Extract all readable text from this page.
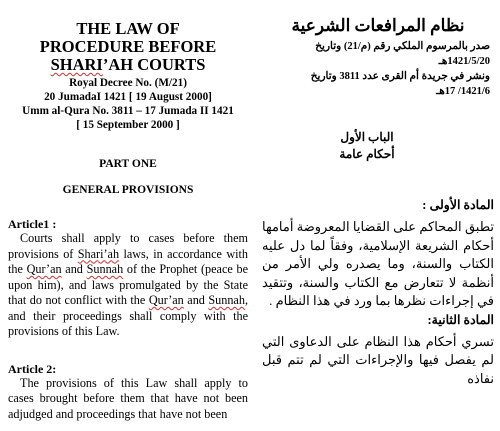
THE LAW OF
PROCEDURE BEFORE
SHARI’AH COURTS
Royal Decree No. (M/21)
20 JumadaI 1421 [ 19 August 2000]
Umm al-Qura No. 3811 – 17 Jumada II 1421
[ 15 September 2000 ]
PART ONE
GENERAL PROVISIONS
Article1 :

Courts shall apply to cases before them provisions of Shari’ah laws, in accordance with the Qur’an and Sunnah of the Prophet (peace be upon him), and laws promulgated by the State that do not conflict with the Qur’an and Sunnah, and their proceedings shall comply with the provisions of this Law.

Article 2:

The provisions of this Law shall apply to cases brought before them that have not been adjudged and proceedings that have not been

نظام المرافعات الشرعية
صدر بالمرسوم الملكي رقم (م/21) وتاريخ 1421/5/20هـ
ونشر في جريدة أم القرى عدد 3811 وتاريخ
1421/6/ 17هـ
الباب الأول
أحكام عامة
المادة الأولى :

تطبق المحاكم على القضايا المعروضة أمامها أحكام الشريعة الإسلامية، وفقاً لما دل عليه الكتاب والسنة، وما يصدره ولي الأمر من أنظمة لا تتعارض مع الكتاب والسنة، وتتقيد في إجراءات نظرها بما ورد في هذا النظام .

المادة الثانية:

تسري أحكام هذا النظام على الدعاوى التي لم يفصل فيها والإجراءات التي لم تتم قبل نفاذه
